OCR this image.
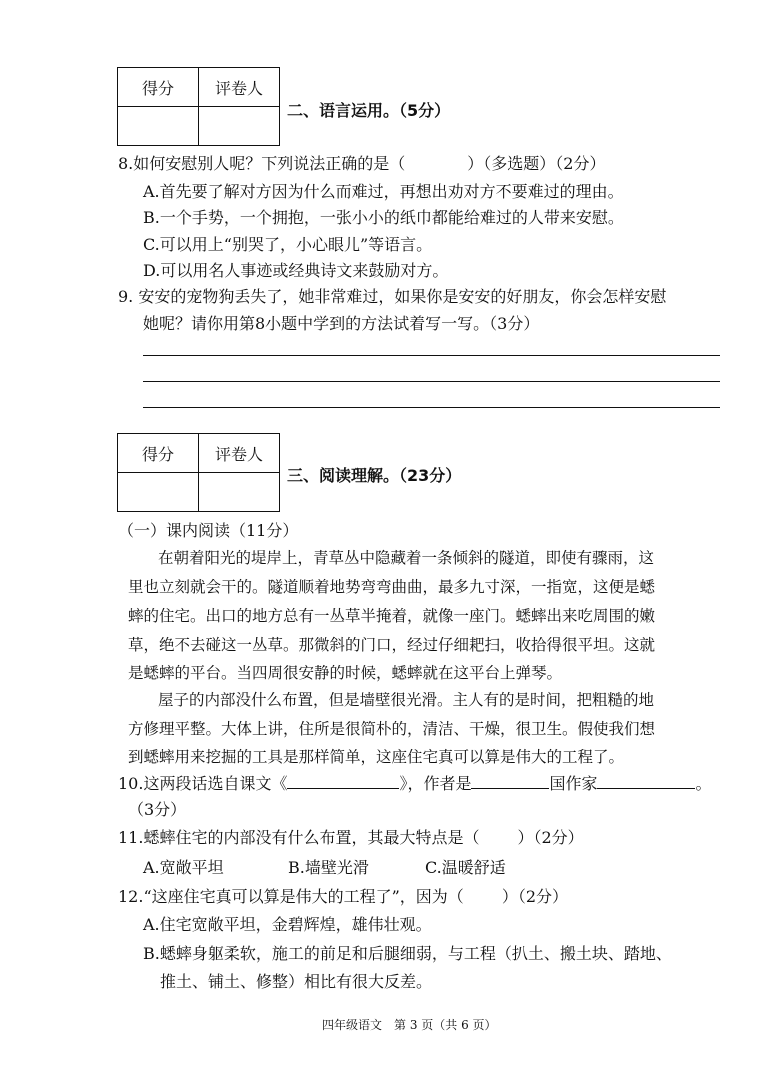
得分	评卷人

二、语言运用。（5分）
8.如何安慰别人呢？下列说法正确的是（	）（多选题）（2分）
A.首先要了解对方因为什么而难过，再想出劝对方不要难过的理由。
B.一个手势，一个拥抱，一张小小的纸巾都能给难过的人带来安慰。
C.可以用上“别哭了，小心眼儿”等语言。
D.可以用名人事迹或经典诗文来鼓励对方。
9. 安安的宠物狗丢失了，她非常难过，如果你是安安的好朋友，你会怎样安慰
她呢？请你用第8小题中学到的方法试着写一写。（3分）
得分	评卷人

三、阅读理解。（23分）
（一）课内阅读（11分）
在朝着阳光的堤岸上，青草丛中隐藏着一条倾斜的隧道，即使有骤雨，这
里也立刻就会干的。隧道顺着地势弯弯曲曲，最多九寸深，一指宽，这便是蟋
蟀的住宅。出口的地方总有一丛草半掩着，就像一座门。蟋蟀出来吃周围的嫩
草，绝不去碰这一丛草。那微斜的门口，经过仔细耙扫，收拾得很平坦。这就
是蟋蟀的平台。当四周很安静的时候，蟋蟀就在这平台上弹琴。
屋子的内部没什么布置，但是墙壁很光滑。主人有的是时间，把粗糙的地
方修理平整。大体上讲，住所是很简朴的，清洁、干燥，很卫生。假使我们想
到蟋蟀用来挖掘的工具是那样简单，这座住宅真可以算是伟大的工程了。
10.这两段话选自课文《	》，作者是	国作家	。
（3分）
11.蟋蟀住宅的内部没有什么布置，其最大特点是（ ）（2分）
A.宽敞平坦	B.墙壁光滑	C.温暖舒适
12.“这座住宅真可以算是伟大的工程了”，因为（ ）（2分）
A.住宅宽敞平坦，金碧辉煌，雄伟壮观。
B.蟋蟀身躯柔软，施工的前足和后腿细弱，与工程（扒土、搬土块、踏地、
推土、铺土、修整）相比有很大反差。
四年级语文　第 3 页（共 6 页）
